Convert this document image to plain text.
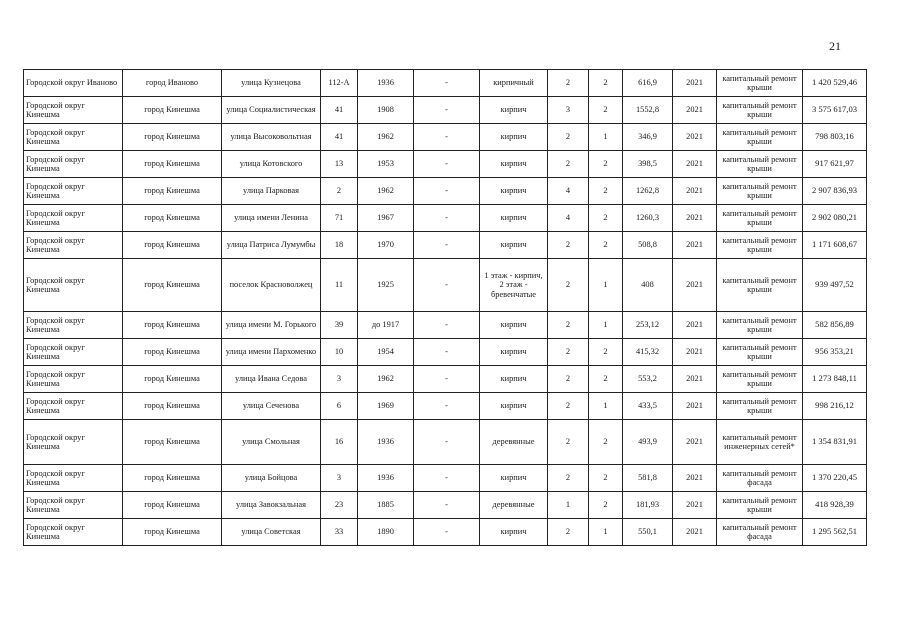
21
Городской округ Иваново	город Иваново	улица Кузнецова	112-А	1936	-	кирпичный	2	2	616,9	2021	капитальный ремонт крыши	1 420 529,46
Городской округ Кинешма	город Кинешма	улица Социалистическая	41	1908	-	кирпич	3	2	1552,8	2021	капитальный ремонт крыши	3 575 617,03
Городской округ Кинешма	город Кинешма	улица Высоковольтная	41	1962	-	кирпич	2	1	346,9	2021	капитальный ремонт крыши	798 803,16
Городской округ Кинешма	город Кинешма	улица Котовского	13	1953	-	кирпич	2	2	398,5	2021	капитальный ремонт крыши	917 621,97
Городской округ Кинешма	город Кинешма	улица Парковая	2	1962	-	кирпич	4	2	1262,8	2021	капитальный ремонт крыши	2 907 836,93
Городской округ Кинешма	город Кинешма	улица имени Ленина	71	1967	-	кирпич	4	2	1260,3	2021	капитальный ремонт крыши	2 902 080,21
Городской округ Кинешма	город Кинешма	улица Патриса Лумумбы	18	1970	-	кирпич	2	2	508,8	2021	капитальный ремонт крыши	1 171 608,67
Городской округ Кинешма	город Кинешма	поселок Красноволжец	11	1925	-	1 этаж - кирпич, 2 этаж - бревенчатые	2	1	408	2021	капитальный ремонт крыши	939 497,52
Городской округ Кинешма	город Кинешма	улица имени М. Горького	39	до 1917	-	кирпич	2	1	253,12	2021	капитальный ремонт крыши	582 856,89
Городской округ Кинешма	город Кинешма	улица имени Пархоменко	10	1954	-	кирпич	2	2	415,32	2021	капитальный ремонт крыши	956 353,21
Городской округ Кинешма	город Кинешма	улица Ивана Седова	3	1962	-	кирпич	2	2	553,2	2021	капитальный ремонт крыши	1 273 848,11
Городской округ Кинешма	город Кинешма	улица Сеченова	6	1969	-	кирпич	2	1	433,5	2021	капитальный ремонт крыши	998 216,12
Городской округ Кинешма	город Кинешма	улица Смольная	16	1936	-	деревянные	2	2	493,9	2021	капитальный ремонт инженерных сетей*	1 354 831,91
Городской округ Кинешма	город Кинешма	улица Бойцова	3	1936	-	кирпич	2	2	581,8	2021	капитальный ремонт фасада	1 370 220,45
Городской округ Кинешма	город Кинешма	улица Завокзальная	23	1885	-	деревянные	1	2	181,93	2021	капитальный ремонт крыши	418 928,39
Городской округ Кинешма	город Кинешма	улица Советская	33	1890	-	кирпич	2	1	550,1	2021	капитальный ремонт фасада	1 295 562,51
